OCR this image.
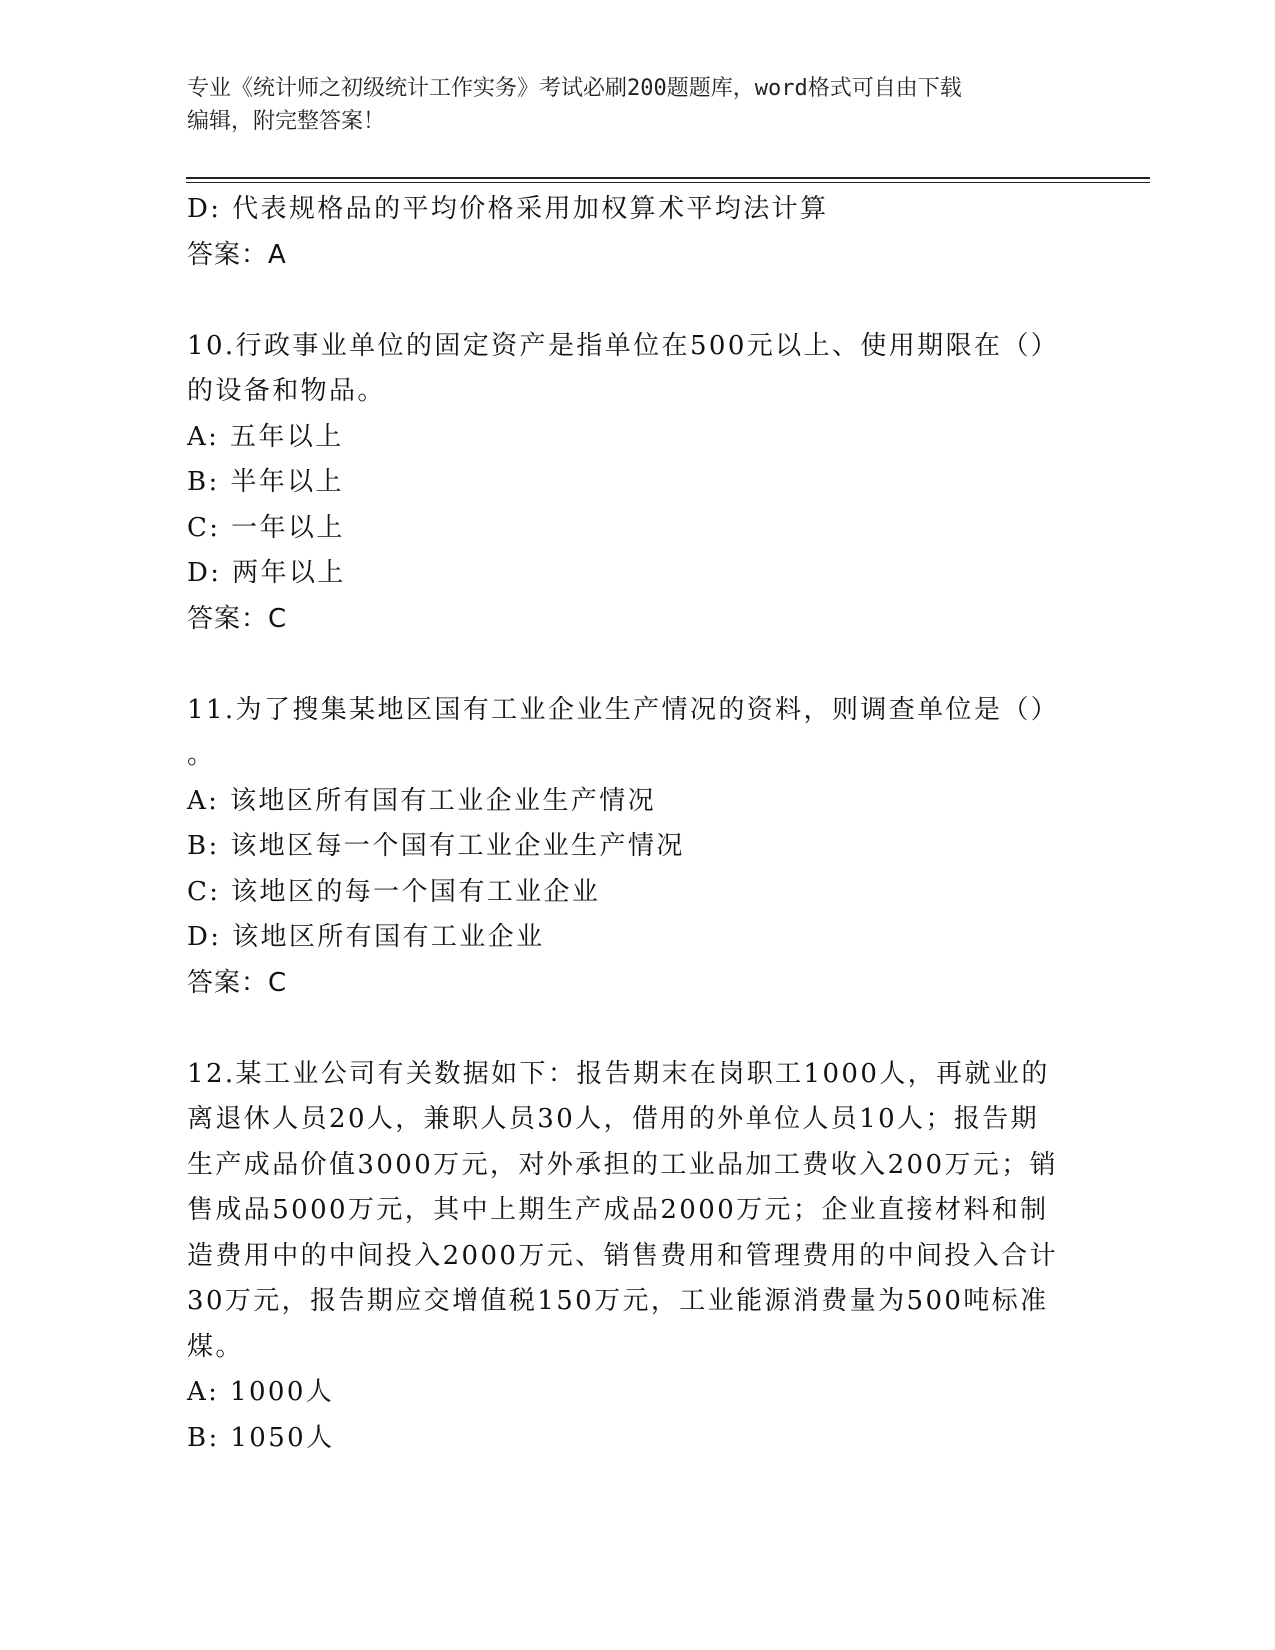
专业《统计师之初级统计工作实务》考试必刷200题题库，word格式可自由下载
编辑，附完整答案！

D: 代表规格品的平均价格采用加权算术平均法计算

答案：A

10.行政事业单位的固定资产是指单位在500元以上、使用期限在（）

的设备和物品。

A: 五年以上

B: 半年以上

C: 一年以上

D: 两年以上

答案：C

11.为了搜集某地区国有工业企业生产情况的资料，则调查单位是（）

。

A: 该地区所有国有工业企业生产情况

B: 该地区每一个国有工业企业生产情况

C: 该地区的每一个国有工业企业

D: 该地区所有国有工业企业

答案：C

12.某工业公司有关数据如下：报告期末在岗职工1000人，再就业的

离退休人员20人，兼职人员30人，借用的外单位人员10人；报告期

生产成品价值3000万元，对外承担的工业品加工费收入200万元；销

售成品5000万元，其中上期生产成品2000万元；企业直接材料和制

造费用中的中间投入2000万元、销售费用和管理费用的中间投入合计

30万元，报告期应交增值税150万元，工业能源消费量为500吨标准

煤。

A: 1000人

B: 1050人
